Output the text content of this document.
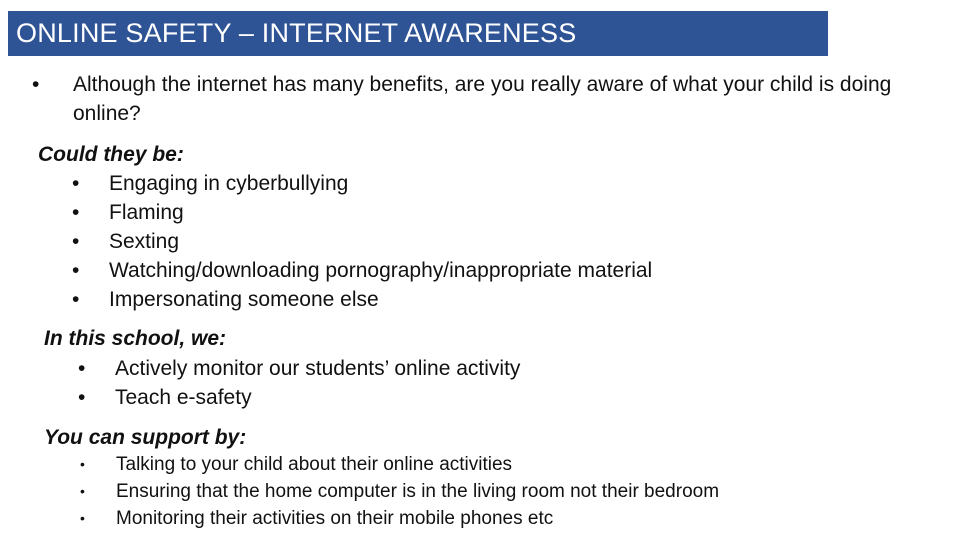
ONLINE SAFETY – INTERNET AWARENESS
• Although the internet has many benefits, are you really aware of what your child is doing online?
Could they be:
• Engaging in cyberbullying
• Flaming
• Sexting
• Watching/downloading pornography/inappropriate material
• Impersonating someone else
In this school, we:
• Actively monitor our students’ online activity
• Teach e-safety
You can support by:
• Talking to your child about their online activities
• Ensuring that the home computer is in the living room not their bedroom
• Monitoring their activities on their mobile phones etc
